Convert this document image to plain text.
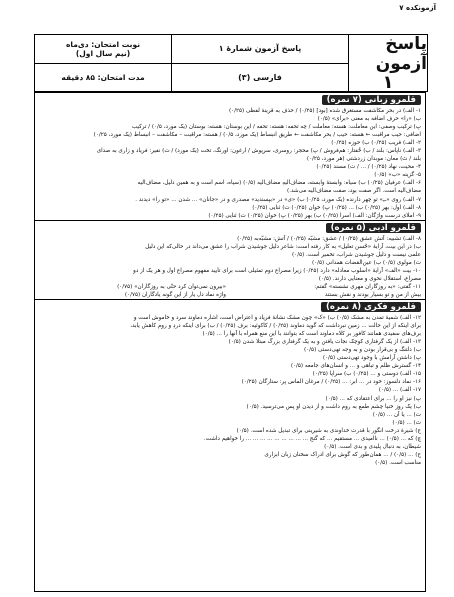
آزمونکده ۷
پاسخ آزمون
۱
پاسخ آزمون شمارهٔ ۱
فارسی (۳)
نوبت امتحان: دی‌ماه
(نیم سال اول)
مدت امتحان: ۸۵ دقیقه
قلمرو زبانی (۷ نمره)
۱- الف) در بحر مکاشفت مستغرق شده [بود] (۰/۲۵) / حذف به قرینهٔ لفظی (۰/۲۵)
ب) «را» حرف اضافه به معنی «برای» (۰/۵)
پ) ترکیب وصفی: این معاملت: هسته: معاملت / چه تحفه: هسته: تحفه / این بوستان: هسته: بوستان (یک مورد، ۰/۵) / ترکیب
اضافی: حیب مراقبت ← هسته: حیب / بحر مکاشفت ← طریق انبساط (یک مورد، ۰/۵) / هسته: مراقبت – مکاشفت – انبساط (یک مورد، ۰/۲۵)
۲- الف) فریب (۰/۲۵) ب) حوزه (۰/۲۵)
۳- الف) ناپاس: بلند / ب) خُفتار: هم‌فروش / پ) محجر: روسری، سرپوش / ارغون: اورنگ، تخت (یک مورد) / ت) نفیر: فریاد و زاری به صدای
بلند / ث) معان: موبدان زردشتی (هر مورد، ۰/۲۵)
۴- محیت، نهاد (۰/۲۵) / ... / ت) مسند (۰/۲۵)
۵- گزینه «ب» (۰/۵)
۶- الف) عرفیان (۰/۲۵) ب) سیاه: وابستهٔ وابسته، مضاف‌الیهِ مضاف‌الیه (۰/۵) (سیاه، اسم است و به همین دلیل، مضاف‌الیه
مضاف‌الیه است. اگر صفت بود، صفت مضاف‌الیه می‌شد.)
۷- الف) روی «ــِ» تو چهر دارنده (یک مورد، ۰/۲۵) ب) «ی» در «بپسندید» مصدری و در «جانان» ... شدن ... «تو را» دیدند .
۸- الف) اول: بهر (۰/۲۵) ب) ... (۰/۲۵) پ) خوان (۰/۲۵) ت) ثنایی (۰/۲۵)
۹- املای درست واژگان: الف) اسرا (۰/۲۵) ب) بهر (۰/۲۵) پ) خوان (۰/۲۵) ت) ثنایی (۰/۲۵)
قلمرو ادبی (۵ نمره)
۸- الف) تشبیه: آتش عشق (۰/۲۵) / عشق: مشبّه (۰/۲۵) / آتش: مشبّه‌به (۰/۲۵)
ب) در این بیت، آرایهٔ «حُسن تعلیل» به کار رفته است: شاعر دلیل جوشیدن شراب را عشق می‌داند در حالی‌که این دلیل
علمی نیست و دلیل جوشیدن شراب، تخمیر است. (۰/۵)
ت) مولوی (۰/۵) ب) عین‌القضات همدانی (۰/۵)
۱۰- بیت «الف» آرایهٔ «اسلوب معادله» دارد (۰/۲۵) زیرا مصراع دوم تمثیلی است برای تأیید مفهوم مصراع اول و هر یک از دو
مصراع، استقلال نحوی و معنایی دارند. (۰/۵)
۱۱- گفتی: «به روزگاران مهری نشسته» گفتم:
بیش از من و تو بسیار بودند و نقش بستند
«بیرون نمی‌توان کرد حتّی به روزگاران» (۰/۷۵)
واژه نماد دل یار از این گونه یادگاران (۰/۷۵)
قلمرو فکری (۸ نمره)
۱۲- الف) شمیهٔ تمدن به مشک (۰/۵) ب) «ک» چون مشک نشانهٔ فریاد و اعتراض است، اشاره دماوند سرد و خاموش است و
برای اینکه از این حالت ... زمین نبرداشت که گوید دماوند (۰/۲۵) / کاکوئیه: برف (۰/۲۵) / ب) برای اینکه دردِ و روم کاهش یابد،
برف‌های سفیدی همانند کافور بر کلاه دماوند است که بتوانند با این منع همراه با آنها را ... (۰/۵)
۱۳- الف) از یک گرفتاری کوچک نجات یافتن و به یک گرفتاری بزرگ مبتلا شدن (۰/۵)
ب) دلتنگ و بی‌قرار بودن و به وجه تهی‌دستی (۰/۵)
پ) داشتن آرامش با وجود تهی‌دستی (۰/۵)
۱۴- گسترش ظلم و تباهی و ... و انسان‌های جامعه (۰/۵)
۱۵- الف) دوستی و ... (۰/۲۵) ب) سراپا (۰/۲۵)
۱۶- نماد دلسوز: خود در ... ابر: ... (۰/۲۵) / مرغان الماس پر: ستارگان (۰/۲۵)
۱۷- الف) ... (۰/۵)
پ) نیز او را ... برای اعتقادی که ... (۰/۵)
ب) یک روز خنیا چشم طمع به روم داشت و از دیدن او پس می‌ترسید. (۰/۵)
ت) ... یا آن ... (۰/۵)
ث) ... (۰/۵)
ج) شیرهٔ درخت انگور با قدرت خداوندی به شیرینی برای تبدیل شده است. (۰/۵)
چ) که ... (۰/۵) ... ناامیدی ... مستقیم ... که گنج ... ... ... ... ... ... ... ... ... را خواهیم داشت.
شیطان، به دنبال پلیدی و بدی است. (۰/۵)
ح) ... (۰/۵) / ... همان‌طور که گوش برای ادراک سخنان زبان ابزاری
مناسب است. (۰/۵)
